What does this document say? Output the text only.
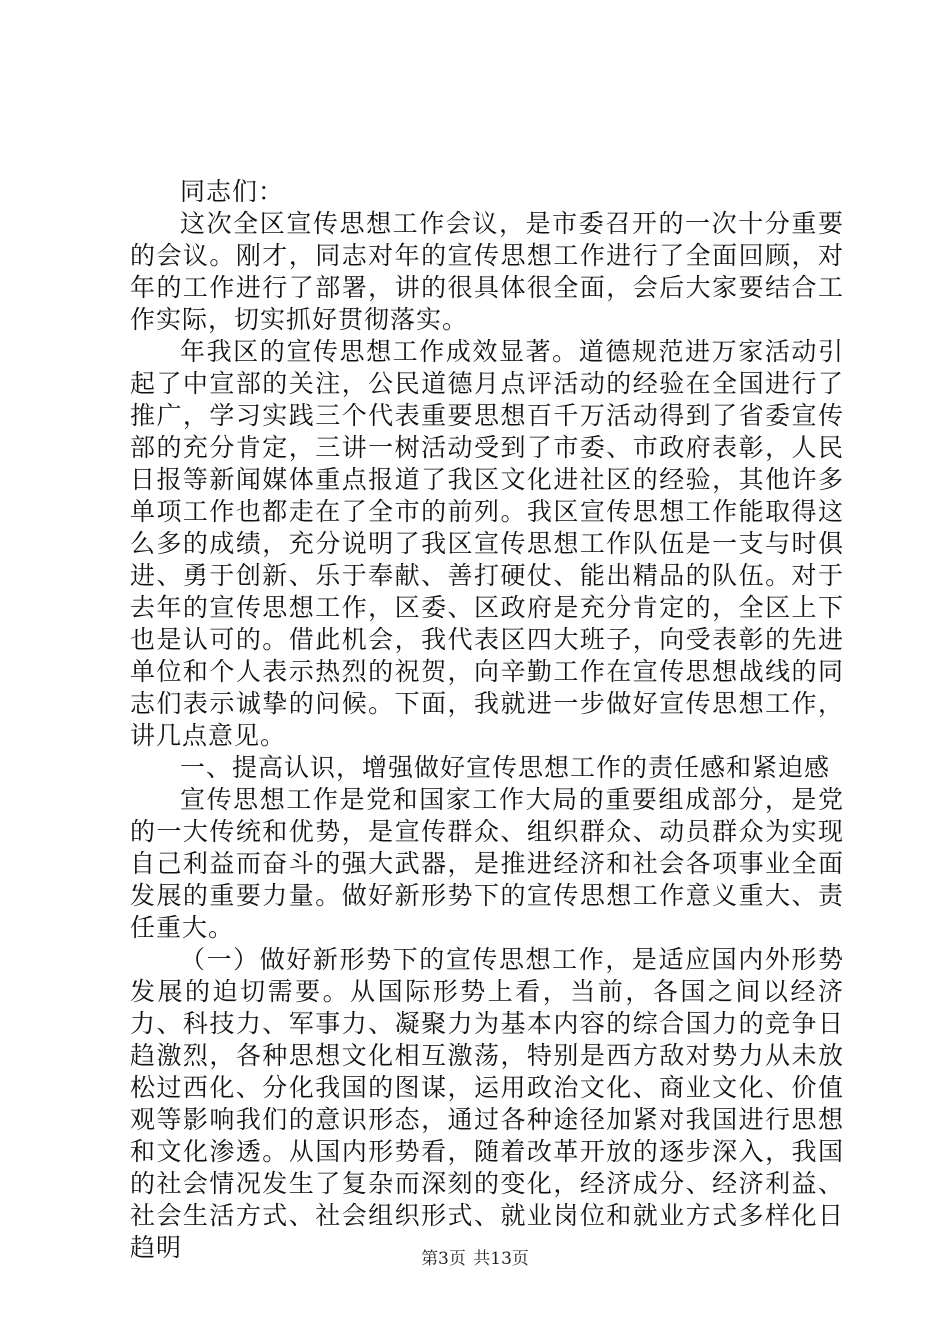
同志们：

这次全区宣传思想工作会议，是市委召开的一次十分重要的会议。刚才，同志对年的宣传思想工作进行了全面回顾，对年的工作进行了部署，讲的很具体很全面，会后大家要结合工作实际，切实抓好贯彻落实。

年我区的宣传思想工作成效显著。道德规范进万家活动引起了中宣部的关注，公民道德月点评活动的经验在全国进行了推广，学习实践三个代表重要思想百千万活动得到了省委宣传部的充分肯定，三讲一树活动受到了市委、市政府表彰，人民日报等新闻媒体重点报道了我区文化进社区的经验，其他许多单项工作也都走在了全市的前列。我区宣传思想工作能取得这么多的成绩，充分说明了我区宣传思想工作队伍是一支与时俱进、勇于创新、乐于奉献、善打硬仗、能出精品的队伍。对于去年的宣传思想工作，区委、区政府是充分肯定的，全区上下也是认可的。借此机会，我代表区四大班子，向受表彰的先进单位和个人表示热烈的祝贺，向辛勤工作在宣传思想战线的同志们表示诚挚的问候。下面，我就进一步做好宣传思想工作，讲几点意见。

一、提高认识，增强做好宣传思想工作的责任感和紧迫感

宣传思想工作是党和国家工作大局的重要组成部分，是党的一大传统和优势，是宣传群众、组织群众、动员群众为实现自己利益而奋斗的强大武器，是推进经济和社会各项事业全面发展的重要力量。做好新形势下的宣传思想工作意义重大、责任重大。

（一）做好新形势下的宣传思想工作，是适应国内外形势发展的迫切需要。从国际形势上看，当前，各国之间以经济力、科技力、军事力、凝聚力为基本内容的综合国力的竞争日趋激烈，各种思想文化相互激荡，特别是西方敌对势力从未放松过西化、分化我国的图谋，运用政治文化、商业文化、价值观等影响我们的意识形态，通过各种途径加紧对我国进行思想和文化渗透。从国内形势看，随着改革开放的逐步深入，我国的社会情况发生了复杂而深刻的变化，经济成分、经济利益、社会生活方式、社会组织形式、就业岗位和就业方式多样化日趋明	第3页 共13页
